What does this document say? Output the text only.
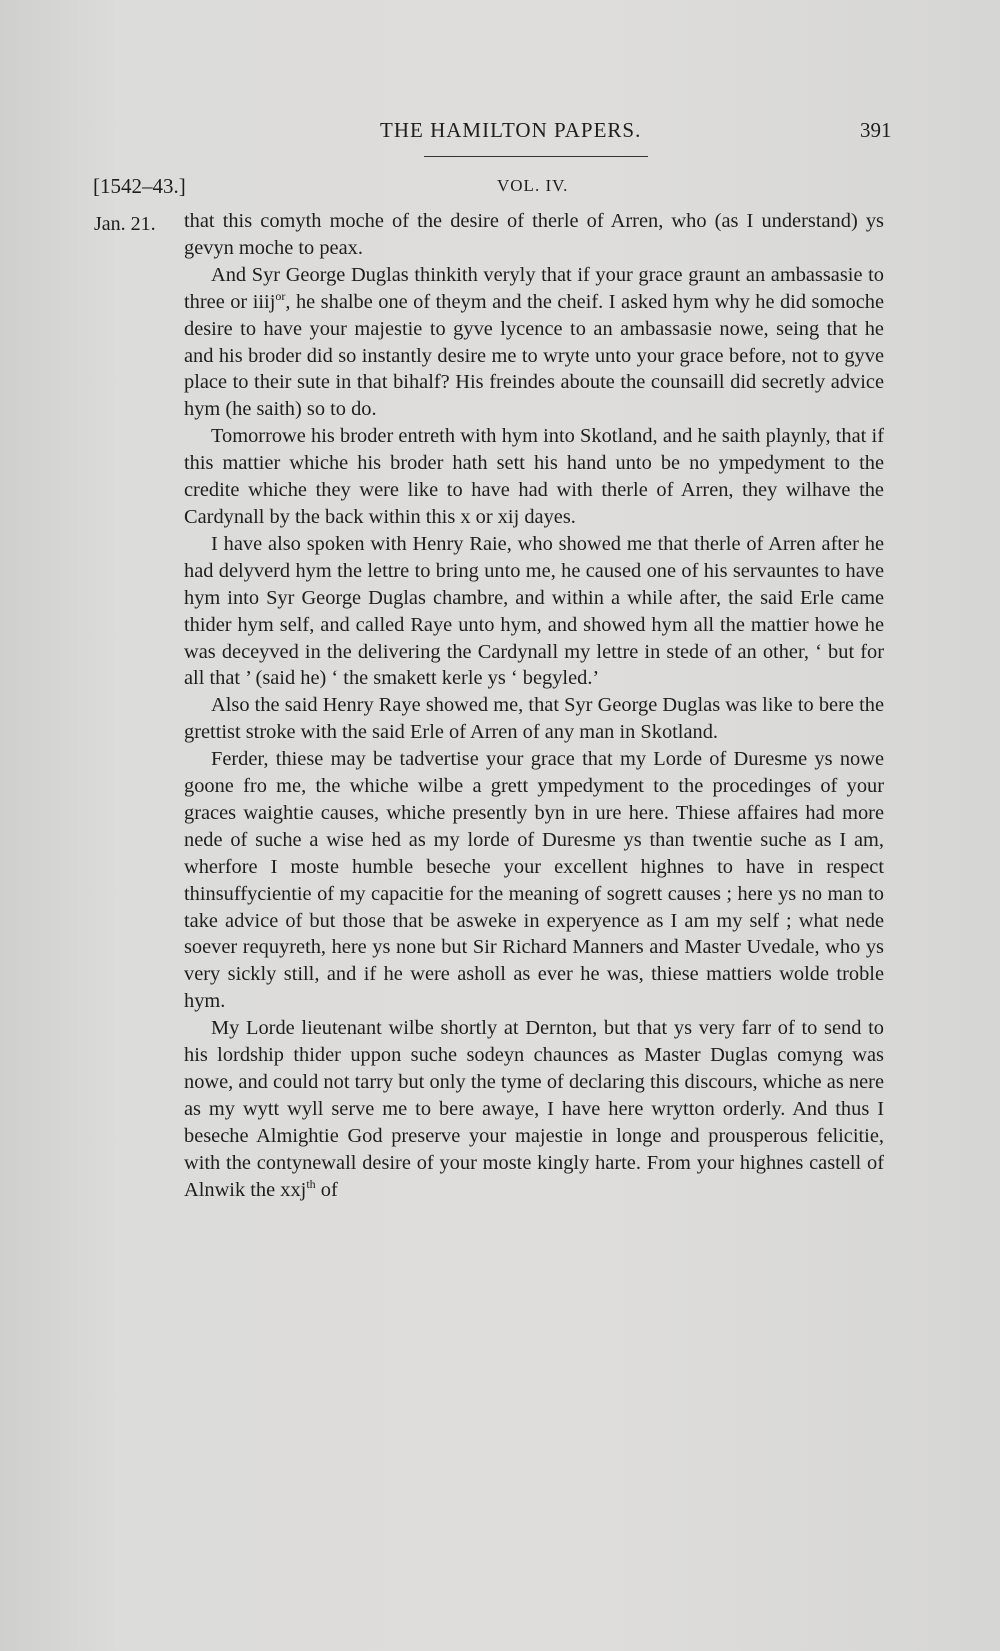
THE HAMILTON PAPERS.	391
[1542–43.]	VOL. IV.
Jan. 21. that this comyth moche of the desire of therle of Arren, who (as I understand) ys gevyn moche to peax.

And Syr George Duglas thinkith veryly that if your grace graunt an ambassasie to three or iiij$^{or}$, he shalbe one of theym and the cheif. I asked hym why he did somoche desire to have your majestie to gyve lycence to an ambassasie nowe, seing that he and his broder did so instantly desire me to wryte unto your grace before, not to gyve place to their sute in that bihalf? His freindes aboute the counsaill did secretly advice hym (he saith) so to do.

Tomorrowe his broder entreth with hym into Skotland, and he saith playnly, that if this mattier whiche his broder hath sett his hand unto be no ympedyment to the credite whiche they were like to have had with therle of Arren, they wilhave the Cardynall by the back within this x or xij dayes.

I have also spoken with Henry Raie, who showed me that therle of Arren after he had delyverd hym the lettre to bring unto me, he caused one of his servauntes to have hym into Syr George Duglas chambre, and within a while after, the said Erle came thider hym self, and called Raye unto hym, and showed hym all the mattier howe he was deceyved in the delivering the Cardynall my lettre in stede of an other, ‘ but for all that ’ (said he) ‘ the smakett kerle ys ‘ begyled.’

Also the said Henry Raye showed me, that Syr George Duglas was like to bere the grettist stroke with the said Erle of Arren of any man in Skotland.

Ferder, thiese may be tadvertise your grace that my Lorde of Duresme ys nowe goone fro me, the whiche wilbe a grett ympedyment to the procedinges of your graces waightie causes, whiche presently byn in ure here. Thiese affaires had more nede of suche a wise hed as my lorde of Duresme ys than twentie suche as I am, wherfore I moste humble beseche your excellent highnes to have in respect thinsuffycientie of my capacitie for the meaning of sogrett causes ; here ys no man to take advice of but those that be asweke in experyence as I am my self ; what nede soever requyreth, here ys none but Sir Richard Manners and Master Uvedale, who ys very sickly still, and if he were asholl as ever he was, thiese mattiers wolde troble hym.

My Lorde lieutenant wilbe shortly at Dernton, but that ys very farr of to send to his lordship thider uppon suche sodeyn chaunces as Master Duglas comyng was nowe, and could not tarry but only the tyme of declaring this discours, whiche as nere as my wytt wyll serve me to bere awaye, I have here wrytton orderly. And thus I beseche Almightie God preserve your majestie in longe and prousperous felicitie, with the contynewall desire of your moste kingly harte. From your highnes castell of Alnwik the xxj$^{th}$ of
